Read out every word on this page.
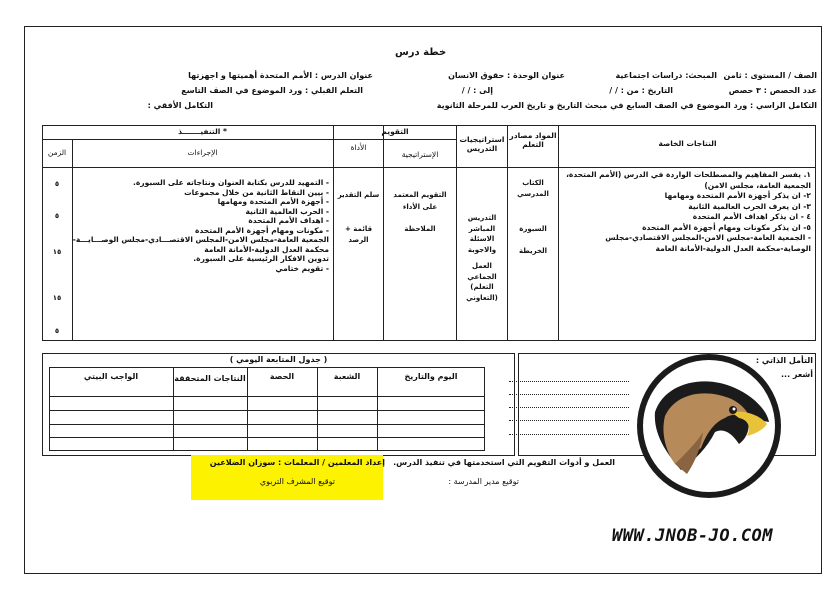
خطة درس
الصف / المستوى : ثامن
المبحث: دراسات اجتماعية
عنوان الوحدة : حقوق الانسان
عنوان الدرس : الأمم المتحدة أهميتها و اجهزتها
عدد الحصص : ٣ حصص
التاريخ : من : / /
إلى : / /
التعلم القبلي : ورد الموضوع في الصف التاسع
التكامل الراسي : ورد الموضوع في الصف السابع في مبحث التاريخ و تاريخ العرب للمرحلة الثانوية
التكامل الأفقي :
النتاجات الخاصة
المواد مصادر التعلم
استراتيجيات التدريس
التقويم
الإستراتيجية
الأداة
التنفيـــــــذ *
الإجراءات
الزمن
١. يفسر المفاهيم والمصطلحات الواردة في الدرس (الأمم المتحدة،
الجمعية العامة، مجلس الامن)
٢- ان يذكر أجهزة الأمم المتحدة ومهامها
٣- ان يعرف الحرب العالمية الثانية
٤ - ان يذكر اهداف الأمم المتحدة
٥- ان يذكر مكونات ومهام أجهزة الأمم المتحدة
- الجمعية العامة-مجلس الامن-المجلس الاقتصادي-مجلس
الوصاية-محكمة العدل الدولية-الأمانة العامة
الكتاب
المدرسي
السبورة
الخريطة
التدريس
المباشر
الاسئلة
والاجوبة
العمل
الجماعي
(التعلم
التعاوني)
التقويم المعتمد
على الأداء
الملاحظة
سلم التقدير
+ قائمة
الرصد
- التمهيد للدرس بكتابة العنوان ونتاجاته على السبورة.
- بيين النقاط الثانية من خلال مجموعات
- أجهزة الأمم المتحدة ومهامها
- الحرب العالمية الثانية
- اهداف الأمم المتحدة
- مكونات ومهام أجهزة الأمم المتحدة
الجمعية العامة-مجلس الامن-المجلس الاقتصـــادي-مجلس الوصـــايـــة-
محكمة العدل الدولية-الأمانة العامة
تدوين الافكار الرئيسية على السبورة.
- تقويم ختامي
٥
٥
١٥
١٥
٥
( جدول المتابعة اليومي )
اليوم والتاريخ
الشعبة
الحصة
النتاجات المتحققة
الواجب البيتي
التأمل الذاتي :
أشعر ...
إعداد المعلمين / المعلمات : سوزان الضلاعين
توقيع المشرف التربوي
العمل و أدوات التقويم التي استخدمتها في تنفيذ الدرس.
توقيع مدير المدرسة :
WWW.JNOB-JO.COM
